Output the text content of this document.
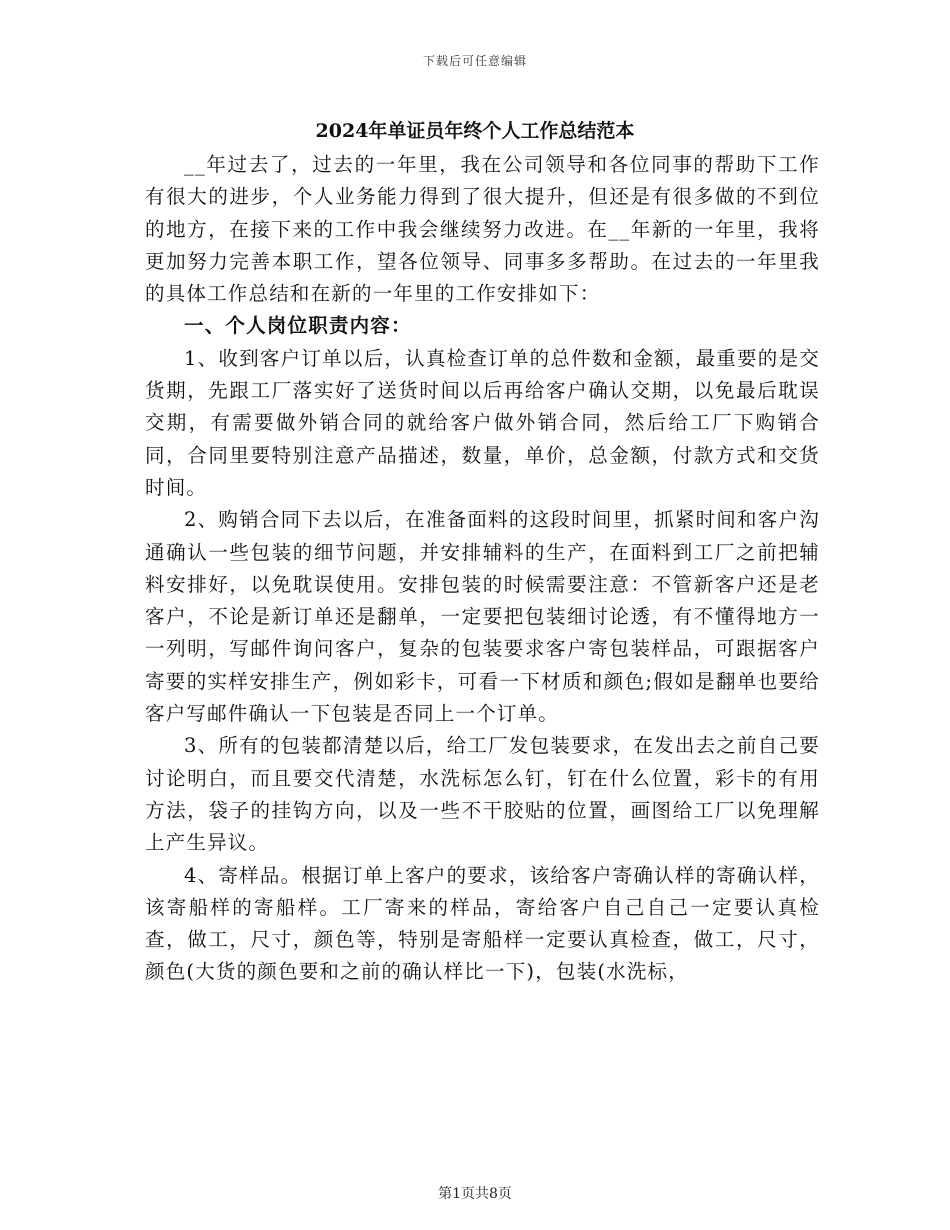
下载后可任意编辑
2024年单证员年终个人工作总结范本

__年过去了，过去的一年里，我在公司领导和各位同事的帮助下工作有很大的进步，个人业务能力得到了很大提升，但还是有很多做的不到位的地方，在接下来的工作中我会继续努力改进。在__年新的一年里，我将更加努力完善本职工作，望各位领导、同事多多帮助。在过去的一年里我的具体工作总结和在新的一年里的工作安排如下：

一、个人岗位职责内容：

1、收到客户订单以后，认真检查订单的总件数和金额，最重要的是交货期，先跟工厂落实好了送货时间以后再给客户确认交期，以免最后耽误交期，有需要做外销合同的就给客户做外销合同，然后给工厂下购销合同，合同里要特别注意产品描述，数量，单价，总金额，付款方式和交货时间。

2、购销合同下去以后，在准备面料的这段时间里，抓紧时间和客户沟通确认一些包装的细节问题，并安排辅料的生产，在面料到工厂之前把辅料安排好，以免耽误使用。安排包装的时候需要注意：不管新客户还是老客户，不论是新订单还是翻单，一定要把包装细讨论透，有不懂得地方一一列明，写邮件询问客户，复杂的包装要求客户寄包装样品，可跟据客户寄要的实样安排生产，例如彩卡，可看一下材质和颜色;假如是翻单也要给客户写邮件确认一下包装是否同上一个订单。

3、所有的包装都清楚以后，给工厂发包装要求，在发出去之前自己要讨论明白，而且要交代清楚，水洗标怎么钉，钉在什么位置，彩卡的有用方法，袋子的挂钩方向，以及一些不干胶贴的位置，画图给工厂以免理解上产生异议。

4、寄样品。根据订单上客户的要求，该给客户寄确认样的寄确认样，该寄船样的寄船样。工厂寄来的样品，寄给客户自己自己一定要认真检查，做工，尺寸，颜色等，特别是寄船样一定要认真检查，做工，尺寸，颜色(大货的颜色要和之前的确认样比一下)，包装(水洗标，

第1页共8页
